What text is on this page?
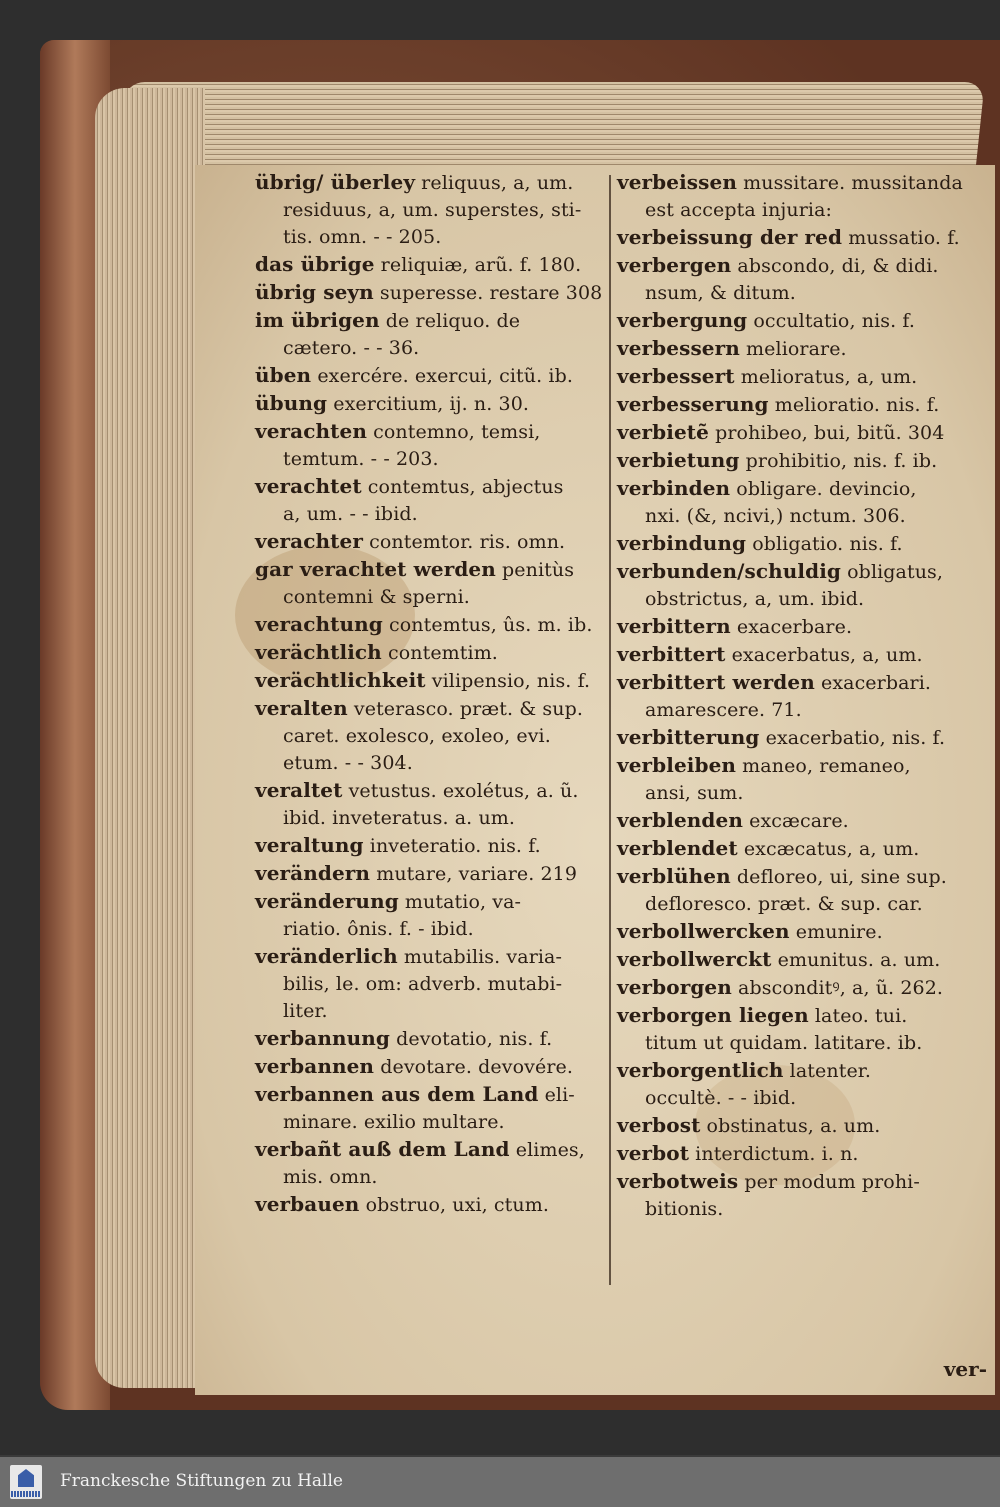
übrig/ überley reliquus, a, um.

residuus, a, um. superstes, sti-

tis. omn. - - 205.

das übrige reliquiæ, arũ. f. 180.

übrig seyn superesse. restare 308

im übrigen de reliquo. de

cætero. - - 36.

üben exercére. exercui, citũ. ib.

übung exercitium, ij. n. 30.

verachten contemno, temsi,

temtum. - - 203.

verachtet contemtus, abjectus

a, um. - - ibid.

verachter contemtor. ris. omn.

gar verachtet werden penitùs

contemni & sperni.

verachtung contemtus, ûs. m. ib.

verächtlich contemtim.

verächtlichkeit vilipensio, nis. f.

veralten veterasco. præt. & sup.

caret. exolesco, exoleo, evi.

etum. - - 304.

veraltet vetustus. exolétus, a. ũ.

ibid. inveteratus. a. um.

veraltung inveteratio. nis. f.

verändern mutare, variare. 219

veränderung mutatio, va-

riatio. ônis. f. - ibid.

veränderlich mutabilis. varia-

bilis, le. om: adverb. mutabi-

liter.

verbannung devotatio, nis. f.

verbannen devotare. devovére.

verbannen aus dem Land eli-

minare. exilio multare.

verbañt auß dem Land elimes,

mis. omn.

verbauen obstruo, uxi, ctum.

verbeissen mussitare. mussitanda

est accepta injuria:

verbeissung der red mussatio. f.

verbergen abscondo, di, & didi.

nsum, & ditum.

verbergung occultatio, nis. f.

verbessern meliorare.

verbessert melioratus, a, um.

verbesserung melioratio. nis. f.

verbietẽ prohibeo, bui, bitũ. 304

verbietung prohibitio, nis. f. ib.

verbinden obligare. devincio,

nxi. (&, ncivi,) nctum. 306.

verbindung obligatio. nis. f.

verbunden/schuldig obligatus,

obstrictus, a, um. ibid.

verbittern exacerbare.

verbittert exacerbatus, a, um.

verbittert werden exacerbari.

amarescere. 71.

verbitterung exacerbatio, nis. f.

verbleiben maneo, remaneo,

ansi, sum.

verblenden excæcare.

verblendet excæcatus, a, um.

verblühen defloreo, ui, sine sup.

defloresco. præt. & sup. car.

verbollwercken emunire.

verbollwerckt emunitus. a. um.

verborgen absconditꝰ, a, ũ. 262.

verborgen liegen lateo. tui.

titum ut quidam. latitare. ib.

verborgentlich latenter.

occultè. - - ibid.

verbost obstinatus, a. um.

verbot interdictum. i. n.

verbotweis per modum prohi-

bitionis.

ver-
Franckesche Stiftungen zu Halle
